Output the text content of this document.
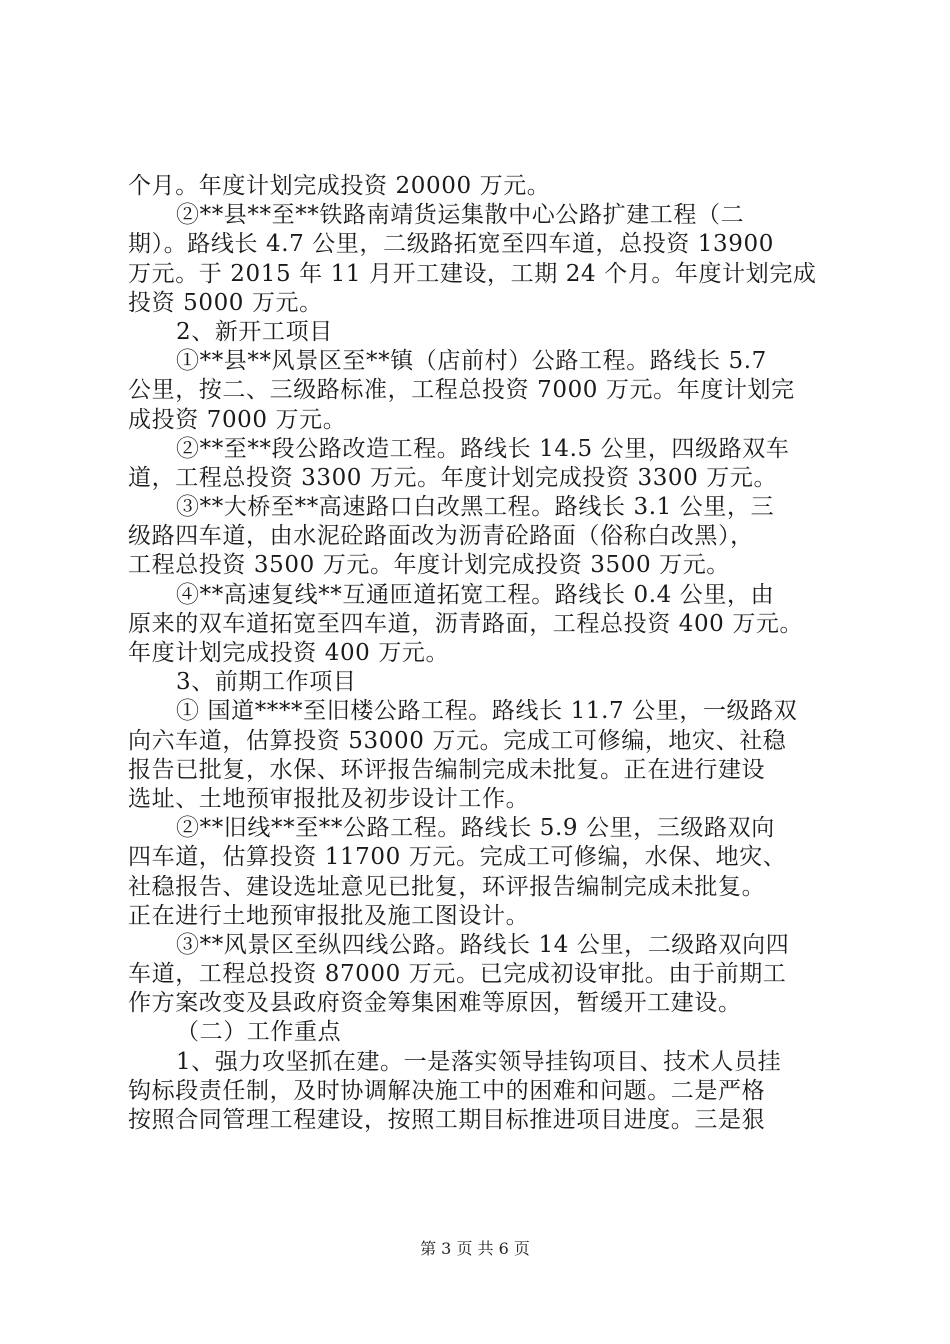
个月。年度计划完成投资 20000 万元。
②**县**至**铁路南靖货运集散中心公路扩建工程（二
期）。路线长 4.7 公里，二级路拓宽至四车道，总投资 13900
万元。于 2015 年 11 月开工建设，工期 24 个月。年度计划完成
投资 5000 万元。
2、新开工项目
①**县**风景区至**镇（店前村）公路工程。路线长 5.7
公里，按二、三级路标准，工程总投资 7000 万元。年度计划完
成投资 7000 万元。
②**至**段公路改造工程。路线长 14.5 公里，四级路双车
道，工程总投资 3300 万元。年度计划完成投资 3300 万元。
③**大桥至**高速路口白改黑工程。路线长 3.1 公里，三
级路四车道，由水泥砼路面改为沥青砼路面（俗称白改黑），
工程总投资 3500 万元。年度计划完成投资 3500 万元。
④**高速复线**互通匝道拓宽工程。路线长 0.4 公里，由
原来的双车道拓宽至四车道，沥青路面，工程总投资 400 万元。
年度计划完成投资 400 万元。
3、前期工作项目
① 国道****至旧楼公路工程。路线长 11.7 公里，一级路双
向六车道，估算投资 53000 万元。完成工可修编，地灾、社稳
报告已批复，水保、环评报告编制完成未批复。正在进行建设
选址、土地预审报批及初步设计工作。
②**旧线**至**公路工程。路线长 5.9 公里，三级路双向
四车道，估算投资 11700 万元。完成工可修编，水保、地灾、
社稳报告、建设选址意见已批复，环评报告编制完成未批复。
正在进行土地预审报批及施工图设计。
③**风景区至纵四线公路。路线长 14 公里，二级路双向四
车道，工程总投资 87000 万元。已完成初设审批。由于前期工
作方案改变及县政府资金筹集困难等原因，暂缓开工建设。
（二）工作重点
1、强力攻坚抓在建。一是落实领导挂钩项目、技术人员挂
钩标段责任制，及时协调解决施工中的困难和问题。二是严格
按照合同管理工程建设，按照工期目标推进项目进度。三是狠
第 3 页 共 6 页
